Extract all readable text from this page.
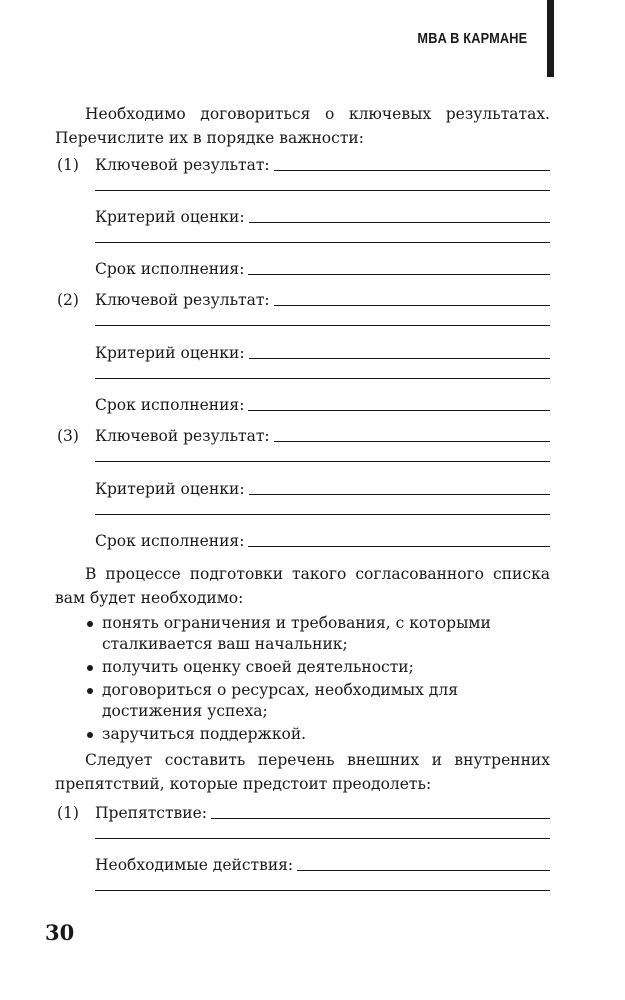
MBA В КАРМАНЕ

Необходимо договориться о ключевых результатах. Перечислите их в порядке важности:

(1) Ключевой результат:
Критерий оценки:
Срок исполнения:
(2) Ключевой результат:
Критерий оценки:
Срок исполнения:
(3) Ключевой результат:
Критерий оценки:
Срок исполнения:

В процессе подготовки такого согласованного списка вам будет необходимо:

понять ограничения и требования, с которыми сталкивается ваш начальник;
получить оценку своей деятельности;
договориться о ресурсах, необходимых для достижения успеха;
заручиться поддержкой.

Следует составить перечень внешних и внутренних препятствий, которые предстоит преодолеть:

(1) Препятствие:
Необходимые действия:
30
